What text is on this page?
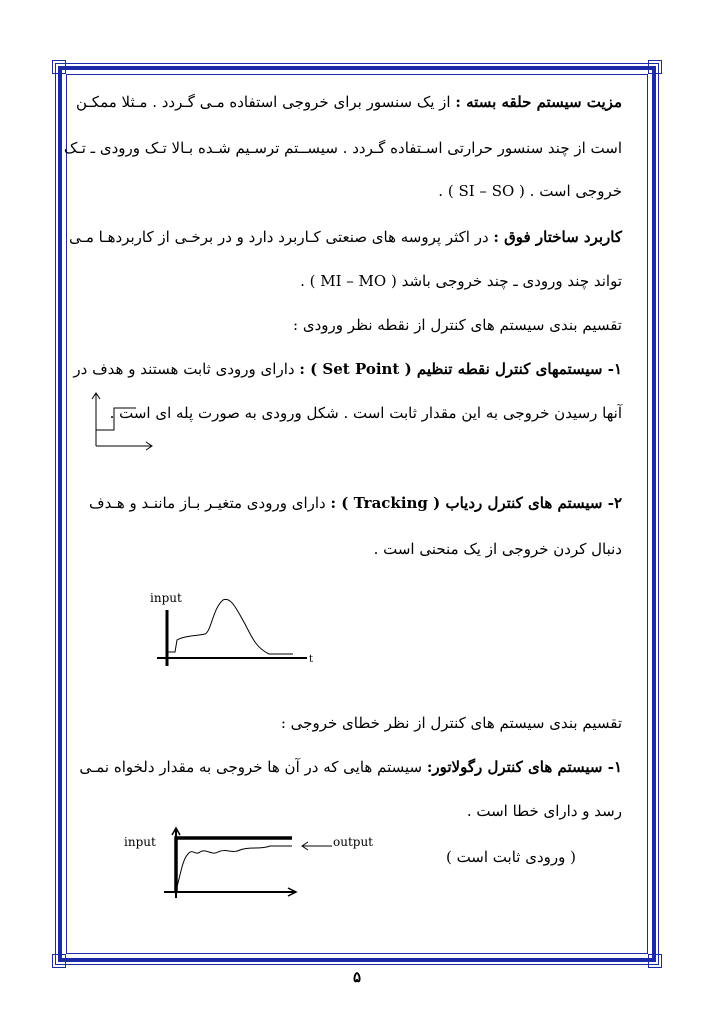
مزیت سیستم حلقه بسته : از یک سنسور برای خروجی استفاده مـی گـردد . مـثلا ممکـن
است از چند سنسور حرارتی اسـتفاده گـردد . سیســتم ترسـیم شـده بـالا تـک ورودی ـ تـک
خروجی است . ( SI – SO ) .
کاربرد ساختار فوق : در اکثر پروسه های صنعتی کـاربرد دارد و در برخـی از کاربردهـا مـی
تواند چند ورودی ـ چند خروجی باشد ( MI – MO ) .
تقسیم بندی سیستم های کنترل از نقطه نظر ورودی :
۱- سیستمهای کنترل نقطه تنظیم ( Set Point ) : دارای ورودی ثابت هستند و هدف در
آنها رسیدن خروجی به این مقدار ثابت است . شکل ورودی به صورت پله ای است .
۲- سیستم های کنترل ردیاب ( Tracking ) : دارای ورودی متغیـر بـاز ماننـد و هـدف
دنبال کردن خروجی از یک منحنی است .
input
t
تقسیم بندی سیستم های کنترل از نظر خطای خروجی :
۱- سیستم های کنترل رگولاتور: سیستم هایی که در آن ها خروجی به مقدار دلخواه نمـی
رسد و دارای خطا است .
input	output
( ورودی ثابت است )
۵
